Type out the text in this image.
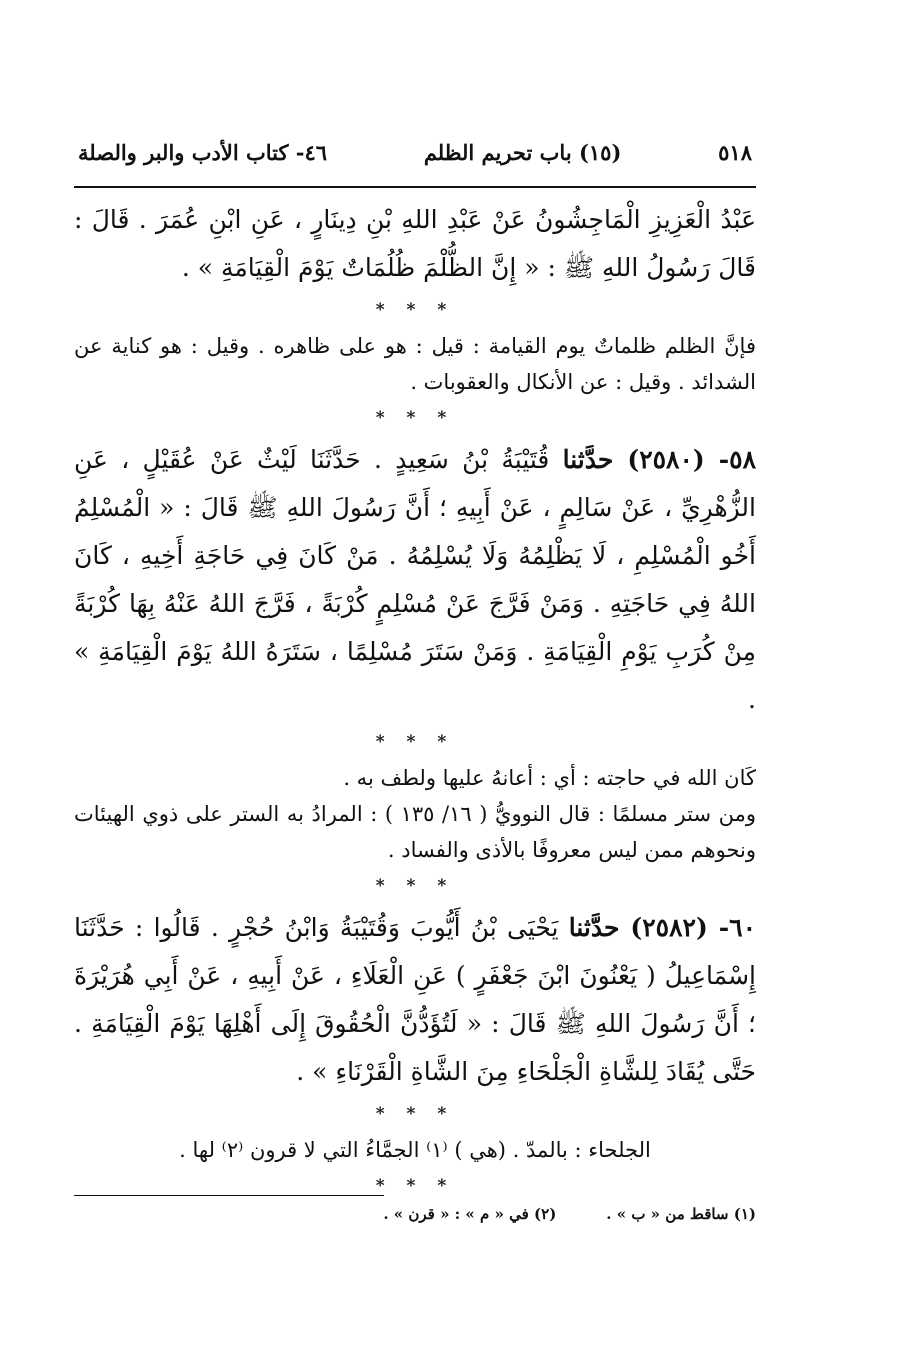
٥١٨
(١٥) باب تحريم الظلم
٤٦- كتاب الأدب والبر والصلة

عَبْدُ الْعَزِيزِ الْمَاجِشُونُ عَنْ عَبْدِ اللهِ بْنِ دِينَارٍ ، عَنِ ابْنِ عُمَرَ . قَالَ : قَالَ رَسُولُ اللهِ ﷺ : « إِنَّ الظُّلْمَ ظُلُمَاتٌ يَوْمَ الْقِيَامَةِ » .

* * *

فإنَّ الظلم ظلماتٌ يوم القيامة : قيل : هو على ظاهره . وقيل : هو كناية عن الشدائد . وقيل : عن الأنكال والعقوبات .

* * *

٥٨- (٢٥٨٠) حدَّثنا قُتَيْبَةُ بْنُ سَعِيدٍ . حَدَّثَنَا لَيْثٌ عَنْ عُقَيْلٍ ، عَنِ الزُّهْرِيِّ ، عَنْ سَالِمٍ ، عَنْ أَبِيهِ ؛ أَنَّ رَسُولَ اللهِ ﷺ قَالَ : « الْمُسْلِمُ أَخُو الْمُسْلِمِ ، لَا يَظْلِمُهُ وَلَا يُسْلِمُهُ . مَنْ كَانَ فِي حَاجَةِ أَخِيهِ ، كَانَ اللهُ فِي حَاجَتِهِ . وَمَنْ فَرَّجَ عَنْ مُسْلِمٍ كُرْبَةً ، فَرَّجَ اللهُ عَنْهُ بِهَا كُرْبَةً مِنْ كُرَبِ يَوْمِ الْقِيَامَةِ . وَمَنْ سَتَرَ مُسْلِمًا ، سَتَرَهُ اللهُ يَوْمَ الْقِيَامَةِ » .

* * *

كَان الله في حاجته : أي : أعانهُ عليها ولطف به .

ومن ستر مسلمًا : قال النوويُّ ( ١٦/ ١٣٥ ) : المرادُ به الستر على ذوي الهيئات ونحوهم ممن ليس معروفًا بالأذى والفساد .

* * *

٦٠- (٢٥٨٢) حدَّثنا يَحْيَى بْنُ أَيُّوبَ وَقُتَيْبَةُ وَابْنُ حُجْرٍ . قَالُوا : حَدَّثَنَا إِسْمَاعِيلُ ( يَعْنُونَ ابْنَ جَعْفَرٍ ) عَنِ الْعَلَاءِ ، عَنْ أَبِيهِ ، عَنْ أَبِي هُرَيْرَةَ ؛ أَنَّ رَسُولَ اللهِ ﷺ قَالَ : « لَتُؤَدُّنَّ الْحُقُوقَ إِلَى أَهْلِهَا يَوْمَ الْقِيَامَةِ . حَتَّى يُقَادَ لِلشَّاةِ الْجَلْحَاءِ مِنَ الشَّاةِ الْقَرْنَاءِ » .

* * *

الجلحاء : بالمدّ . (هي ) ⁽١⁾ الجمَّاءُ التي لا قرون ⁽٢⁾ لها .

* * *
(١) ساقط من « ب » .
(٢) في « م » : « قرن » .
